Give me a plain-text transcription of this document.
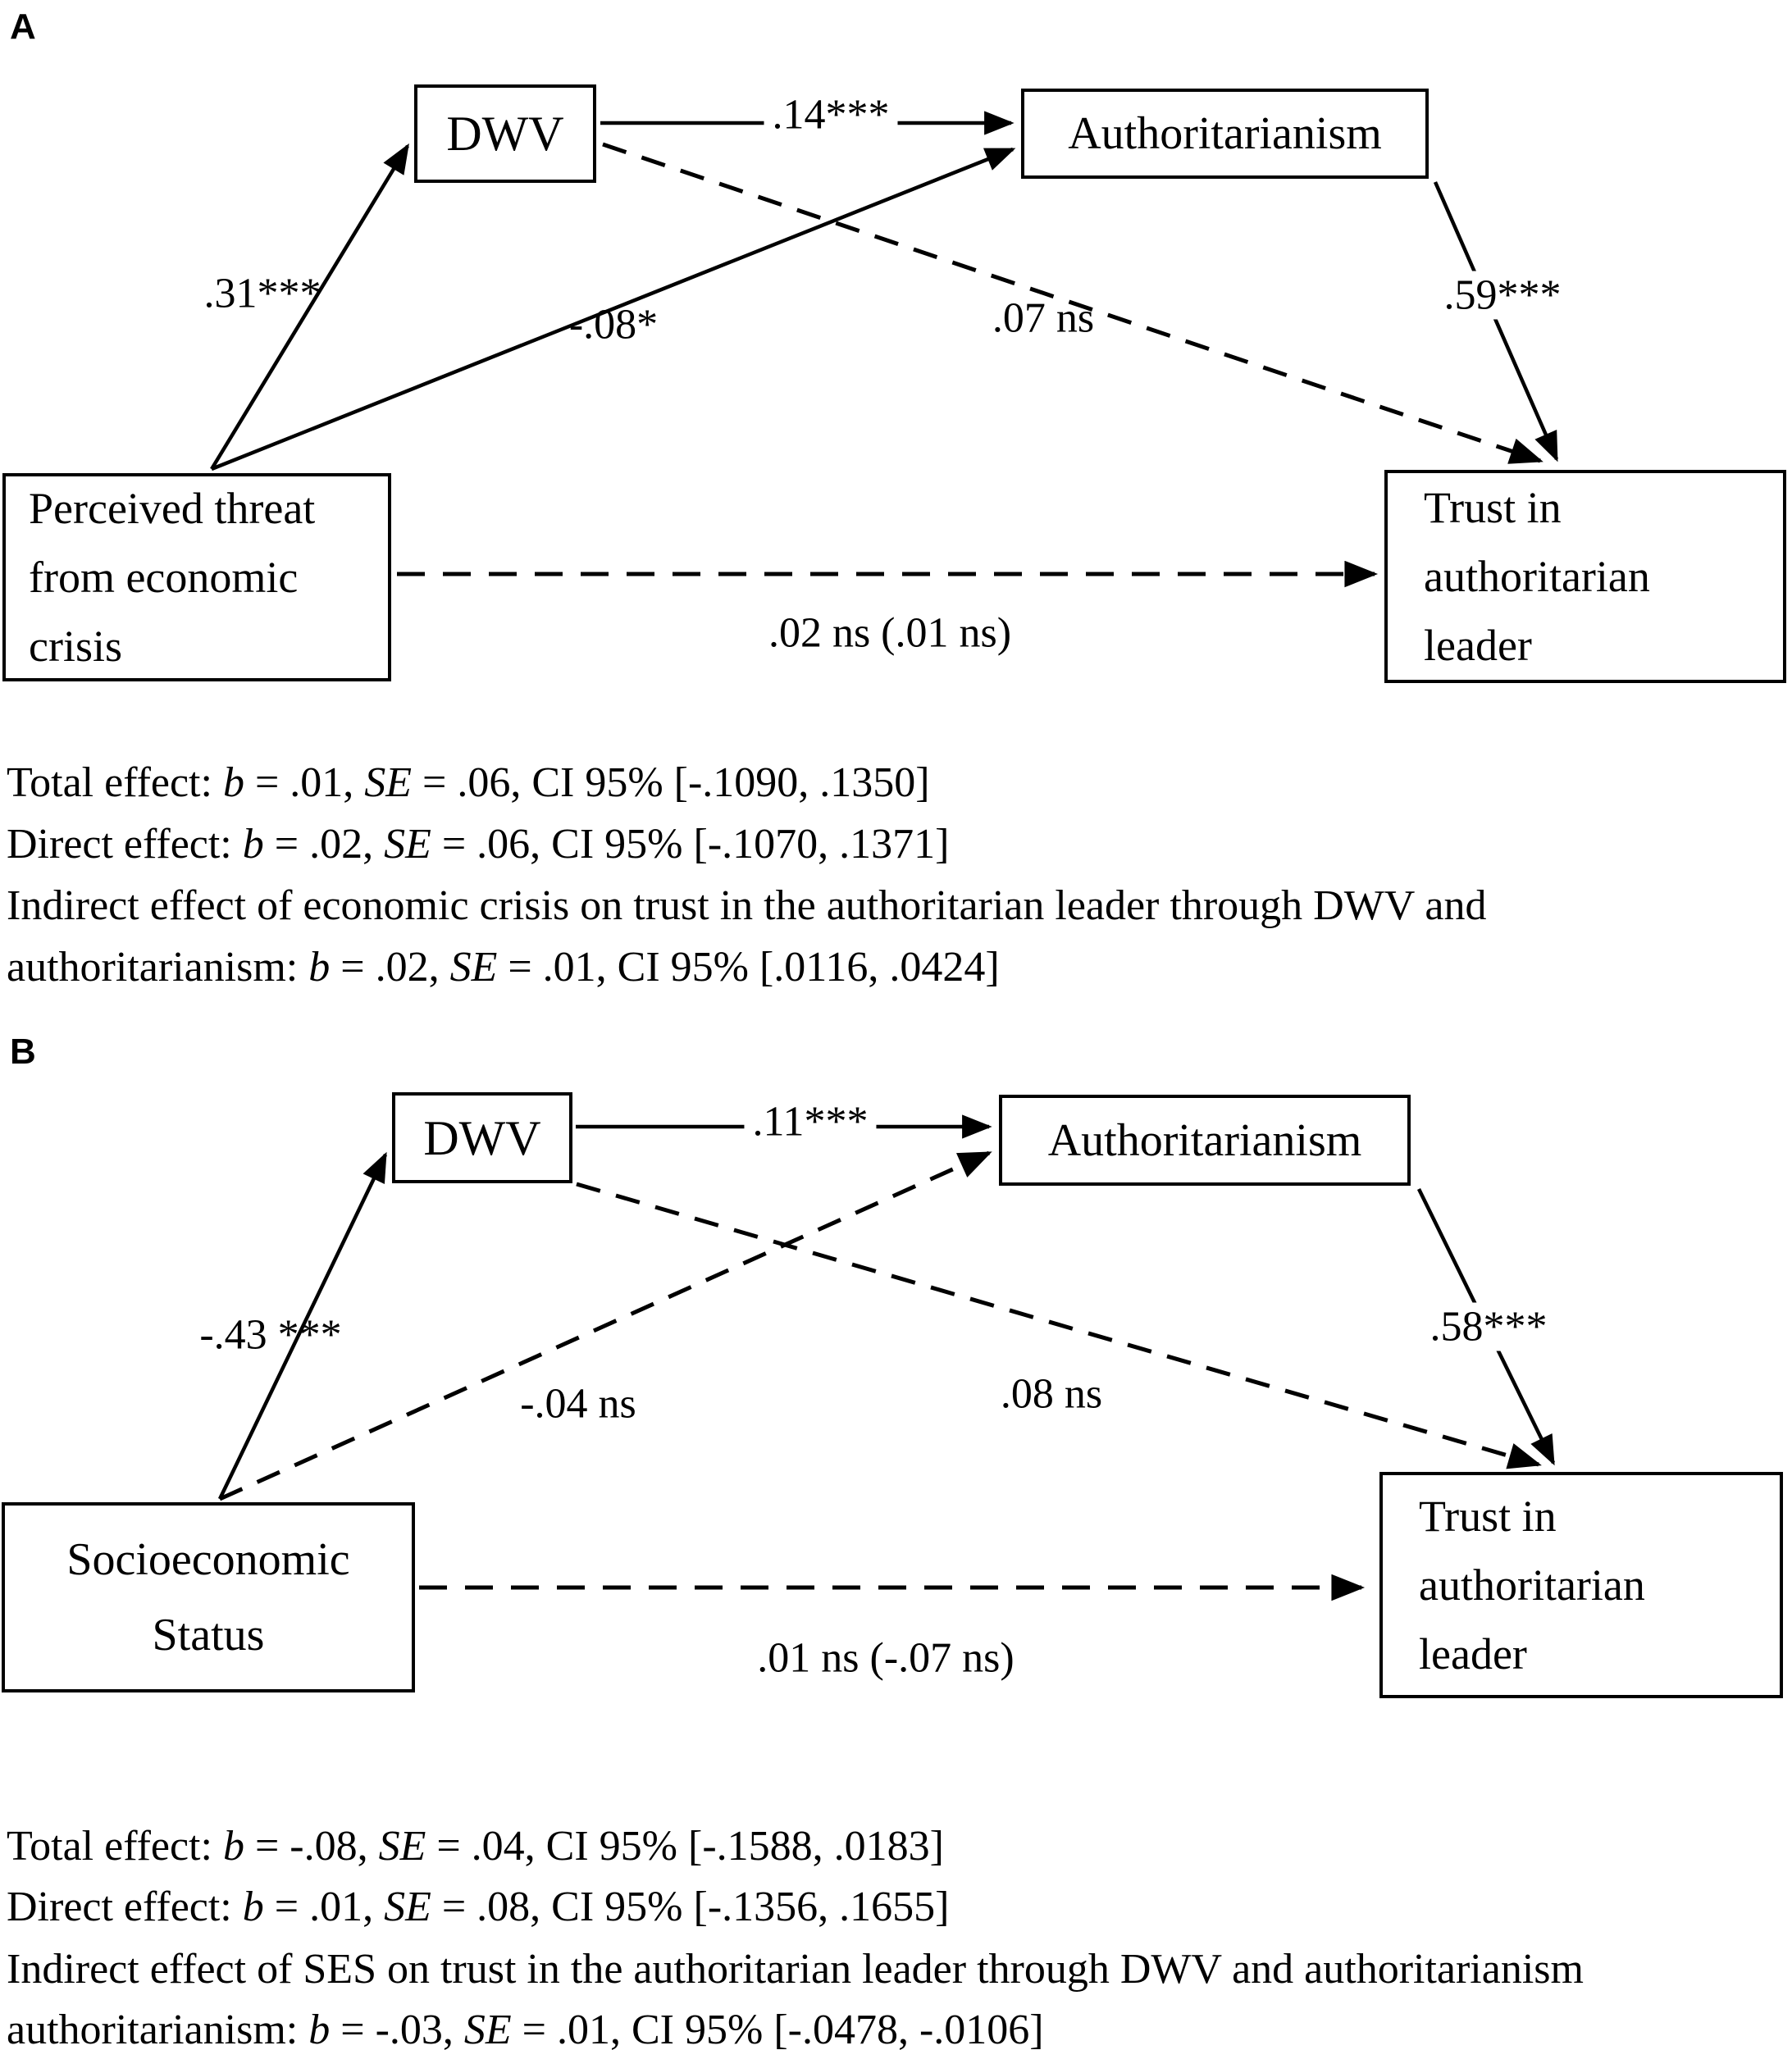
A
DWV	Authoritarianism
Perceived threat
from economic
crisis
Trust in
authoritarian
leader
.31***
-.08*
.14***
.07 ns	.59***
.02 ns (.01 ns)
Total effect: b = .01, SE = .06, CI 95% [-.1090, .1350]
Direct effect: b = .02, SE = .06, CI 95% [-.1070, .1371]
Indirect effect of economic crisis on trust in the authoritarian leader through DWV and
authoritarianism: b = .02, SE = .01, CI 95% [.0116, .0424]
B
DWV	Authoritarianism
Socioeconomic
Status
Trust in
authoritarian
leader
-.43 ***
-.04 ns
.11***
.08 ns
.58***
.01 ns (-.07 ns)
Total effect: b = -.08, SE = .04, CI 95% [-.1588, .0183]
Direct effect: b = .01, SE = .08, CI 95% [-.1356, .1655]
Indirect effect of SES on trust in the authoritarian leader through DWV and authoritarianism
authoritarianism: b = -.03, SE = .01, CI 95% [-.0478, -.0106]
